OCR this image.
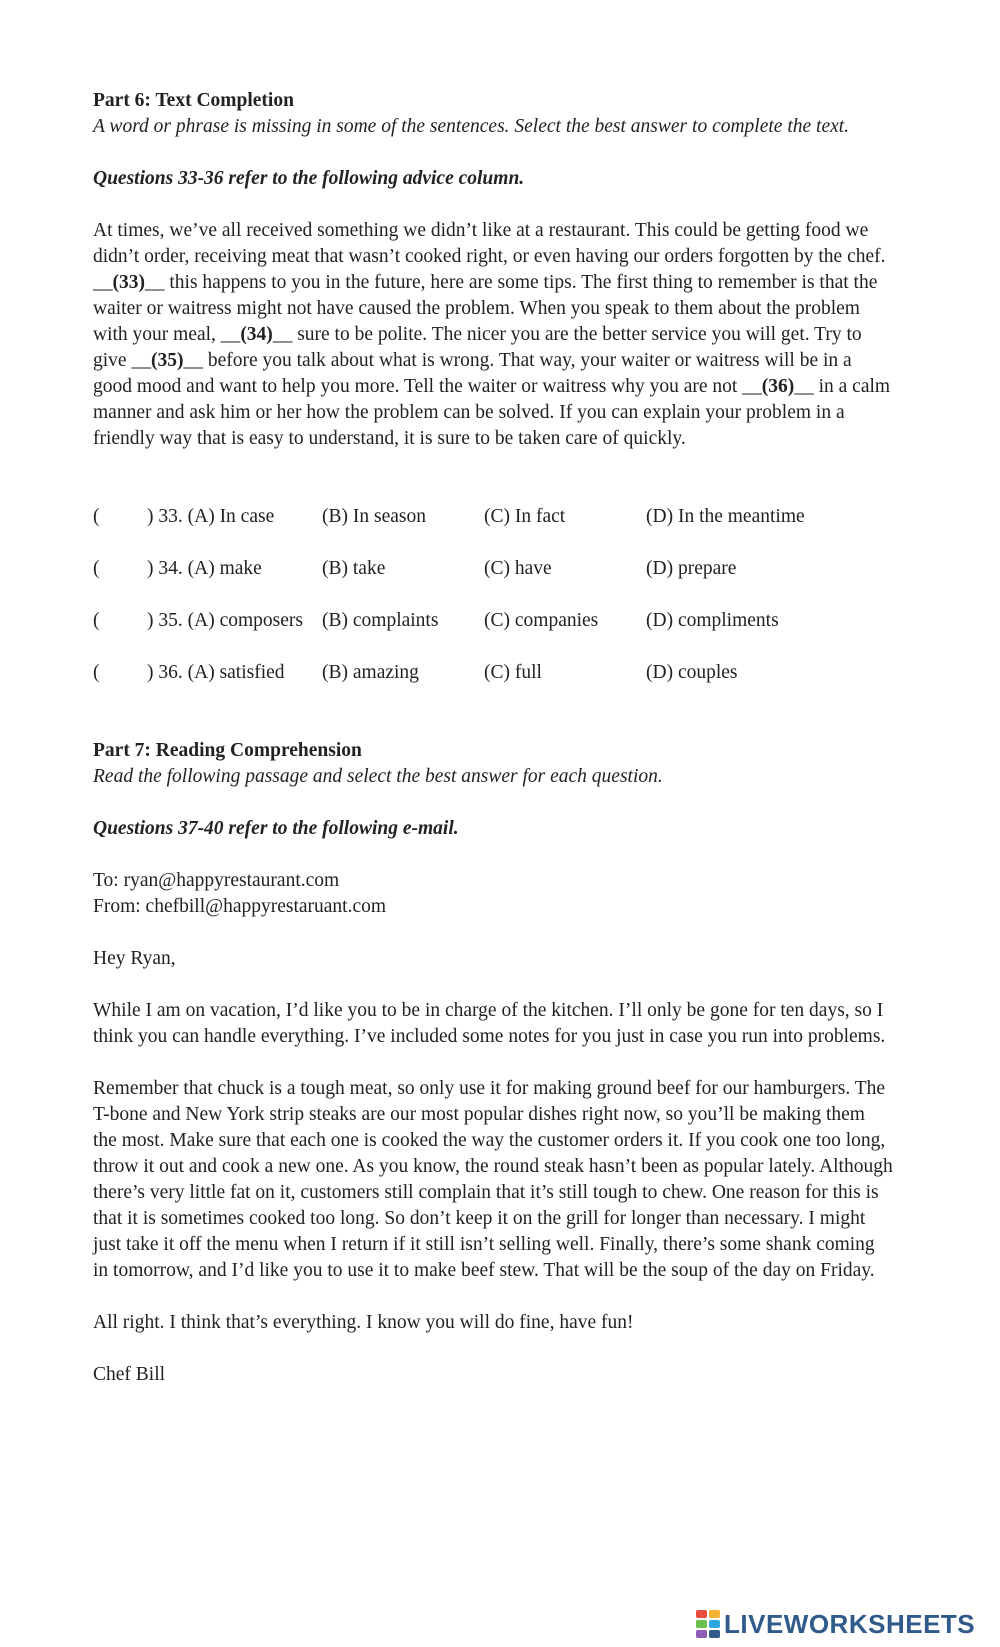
Part 6: Text Completion

A word or phrase is missing in some of the sentences. Select the best answer to complete the text.

Questions 33-36 refer to the following advice column.

At times, we’ve all received something we didn’t like at a restaurant. This could be getting food we didn’t order, receiving meat that wasn’t cooked right, or even having our orders forgotten by the chef. __(33)__ this happens to you in the future, here are some tips. The first thing to remember is that the waiter or waitress might not have caused the problem. When you speak to them about the problem with your meal, __(34)__ sure to be polite. The nicer you are the better service you will get. Try to give __(35)__ before you talk about what is wrong. That way, your waiter or waitress will be in a good mood and want to help you more. Tell the waiter or waitress why you are not __(36)__ in a calm manner and ask him or her how the problem can be solved. If you can explain your problem in a friendly way that is easy to understand, it is sure to be taken care of quickly.

(	) 33. (A) In case	(B) In season	(C) In fact	(D) In the meantime
(	) 34. (A) make	(B) take	(C) have	(D) prepare
(	) 35. (A) composers (B) complaints	(C) companies	(D) compliments
(	) 36. (A) satisfied	(B) amazing	(C) full	(D) couples

Part 7: Reading Comprehension

Read the following passage and select the best answer for each question.

Questions 37-40 refer to the following e-mail.

To: ryan@happyrestaurant.com
From: chefbill@happyrestaruant.com

Hey Ryan,

While I am on vacation, I’d like you to be in charge of the kitchen. I’ll only be gone for ten days, so I think you can handle everything. I’ve included some notes for you just in case you run into problems.

Remember that chuck is a tough meat, so only use it for making ground beef for our hamburgers. The T-bone and New York strip steaks are our most popular dishes right now, so you’ll be making them the most. Make sure that each one is cooked the way the customer orders it. If you cook one too long, throw it out and cook a new one. As you know, the round steak hasn’t been as popular lately. Although there’s very little fat on it, customers still complain that it’s still tough to chew. One reason for this is that it is sometimes cooked too long. So don’t keep it on the grill for longer than necessary. I might just take it off the menu when I return if it still isn’t selling well. Finally, there’s some shank coming in tomorrow, and I’d like you to use it to make beef stew. That will be the soup of the day on Friday.

All right. I think that’s everything. I know you will do fine, have fun!

Chef Bill

LIVEWORKSHEETS
